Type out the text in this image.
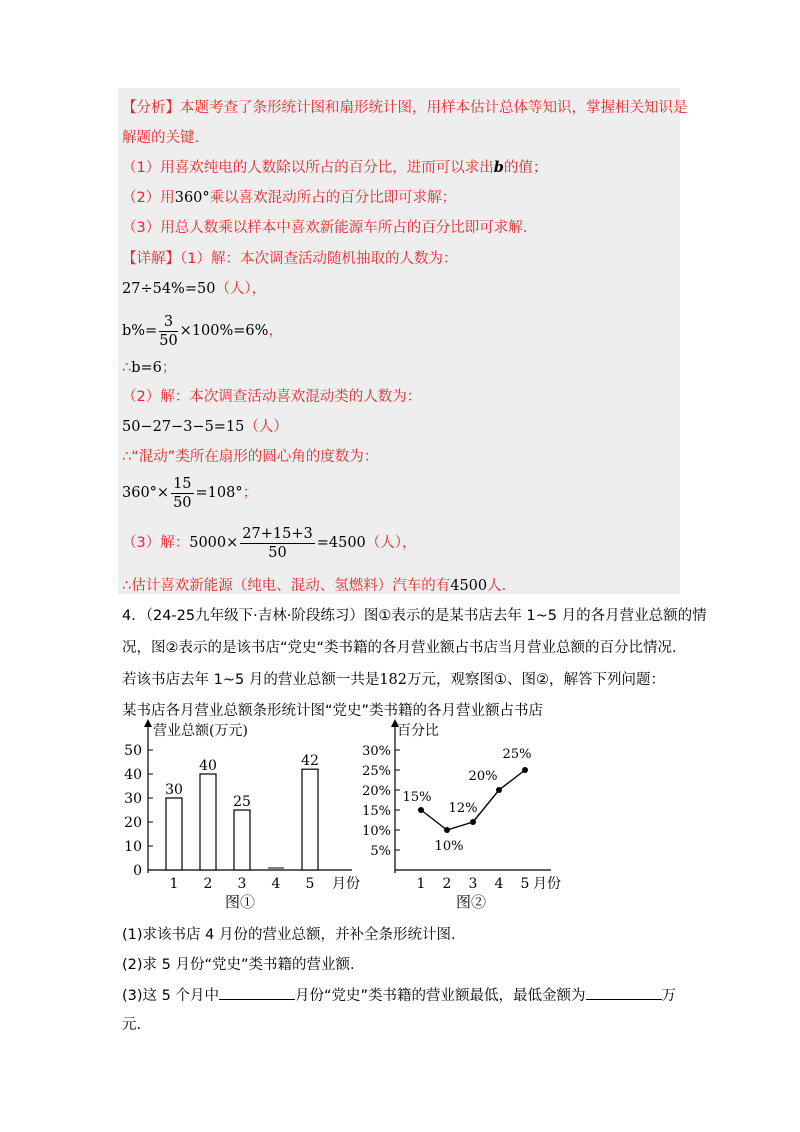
【分析】本题考查了条形统计图和扇形统计图，用样本估计总体等知识，掌握相关知识是
解题的关键.
（1）用喜欢纯电的人数除以所占的百分比，进而可以求出b的值；
（2）用360°乘以喜欢混动所占的百分比即可求解；
（3）用总人数乘以样本中喜欢新能源车所占的百分比即可求解.
【详解】（1）解：本次调查活动随机抽取的人数为：
27÷54%=50（人），
$b\%= \frac{3}{50} \times 100\%=6\%$，
∴b=6；
（2）解：本次调查活动喜欢混动类的人数为：
50−27−3−5=15（人）
∴“混动”类所在扇形的圆心角的度数为：
$360^\circ\times \frac{15}{50} =108^\circ$；
（3）解：$5000\times \frac{27+15+3}{50} =4500$（人），
∴估计喜欢新能源（纯电、混动、氢燃料）汽车的有4500人.
4．（24-25九年级下·吉林·阶段练习）图①表示的是某书店去年 1~5 月的各月营业总额的情
况，图②表示的是该书店“党史“类书籍的各月营业额占书店当月营业总额的百分比情况.
若该书店去年 1~5 月的营业总额一共是182万元，观察图①、图②，解答下列问题：
某书店各月营业总额条形统计图“党史”类书籍的各月营业额占书店
0
10
20
30
40
50
营业总额(万元)
1
30
2
40
3
25
4 5
42
月份
图①
5%
10%
15%
20%
25%
30%
百分比
1
15%
2
10%
3
12%
4
20%
5
25%
月份
图②
(1)求该书店 4 月份的营业总额，并补全条形统计图.
(2)求 5 月份“党史”类书籍的营业额.
(3)这 5 个月中	月份“党史”类书籍的营业额最低，最低金额为	万
元.
